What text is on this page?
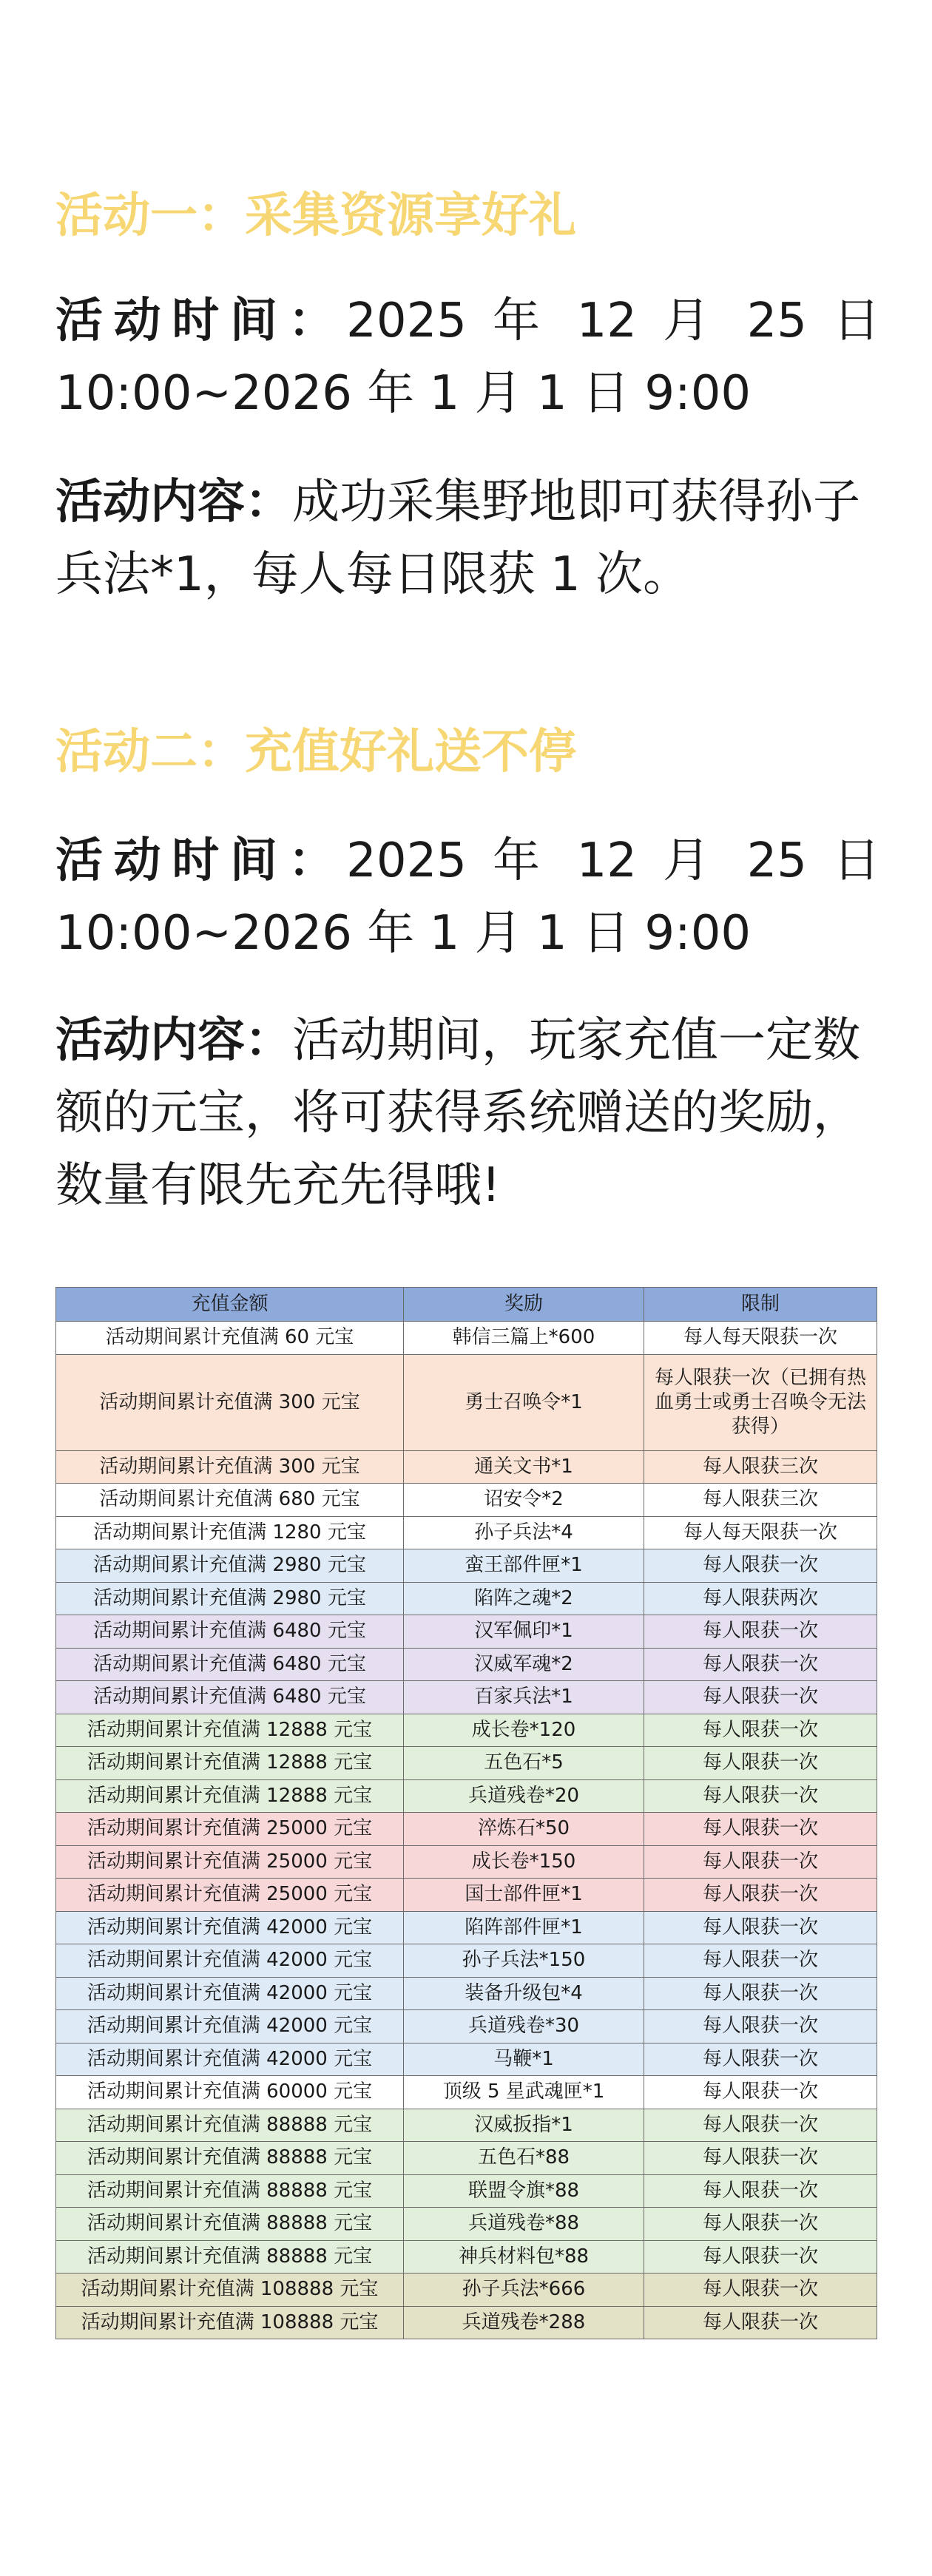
活动一：采集资源享好礼
活动时间：2025 年 12 月 25 日
10:00~2026 年 1 月 1 日 9:00
活动内容：成功采集野地即可获得孙子兵法*1，每人每日限获 1 次。
活动二：充值好礼送不停
活动时间：2025 年 12 月 25 日
10:00~2026 年 1 月 1 日 9:00
活动内容：活动期间，玩家充值一定数额的元宝，将可获得系统赠送的奖励，数量有限先充先得哦!
充值金额	奖励	限制
活动期间累计充值满 60 元宝	韩信三篇上*600	每人每天限获一次
活动期间累计充值满 300 元宝	勇士召唤令*1	每人限获一次（已拥有热血勇士或勇士召唤令无法获得）
活动期间累计充值满 300 元宝	通关文书*1	每人限获三次
活动期间累计充值满 680 元宝	诏安令*2	每人限获三次
活动期间累计充值满 1280 元宝	孙子兵法*4	每人每天限获一次
活动期间累计充值满 2980 元宝	蛮王部件匣*1	每人限获一次
活动期间累计充值满 2980 元宝	陷阵之魂*2	每人限获两次
活动期间累计充值满 6480 元宝	汉军佩印*1	每人限获一次
活动期间累计充值满 6480 元宝	汉威军魂*2	每人限获一次
活动期间累计充值满 6480 元宝	百家兵法*1	每人限获一次
活动期间累计充值满 12888 元宝	成长卷*120	每人限获一次
活动期间累计充值满 12888 元宝	五色石*5	每人限获一次
活动期间累计充值满 12888 元宝	兵道残卷*20	每人限获一次
活动期间累计充值满 25000 元宝	淬炼石*50	每人限获一次
活动期间累计充值满 25000 元宝	成长卷*150	每人限获一次
活动期间累计充值满 25000 元宝	国士部件匣*1	每人限获一次
活动期间累计充值满 42000 元宝	陷阵部件匣*1	每人限获一次
活动期间累计充值满 42000 元宝	孙子兵法*150	每人限获一次
活动期间累计充值满 42000 元宝	装备升级包*4	每人限获一次
活动期间累计充值满 42000 元宝	兵道残卷*30	每人限获一次
活动期间累计充值满 42000 元宝	马鞭*1	每人限获一次
活动期间累计充值满 60000 元宝	顶级 5 星武魂匣*1	每人限获一次
活动期间累计充值满 88888 元宝	汉威扳指*1	每人限获一次
活动期间累计充值满 88888 元宝	五色石*88	每人限获一次
活动期间累计充值满 88888 元宝	联盟令旗*88	每人限获一次
活动期间累计充值满 88888 元宝	兵道残卷*88	每人限获一次
活动期间累计充值满 88888 元宝	神兵材料包*88	每人限获一次
活动期间累计充值满 108888 元宝	孙子兵法*666	每人限获一次
活动期间累计充值满 108888 元宝	兵道残卷*288	每人限获一次
